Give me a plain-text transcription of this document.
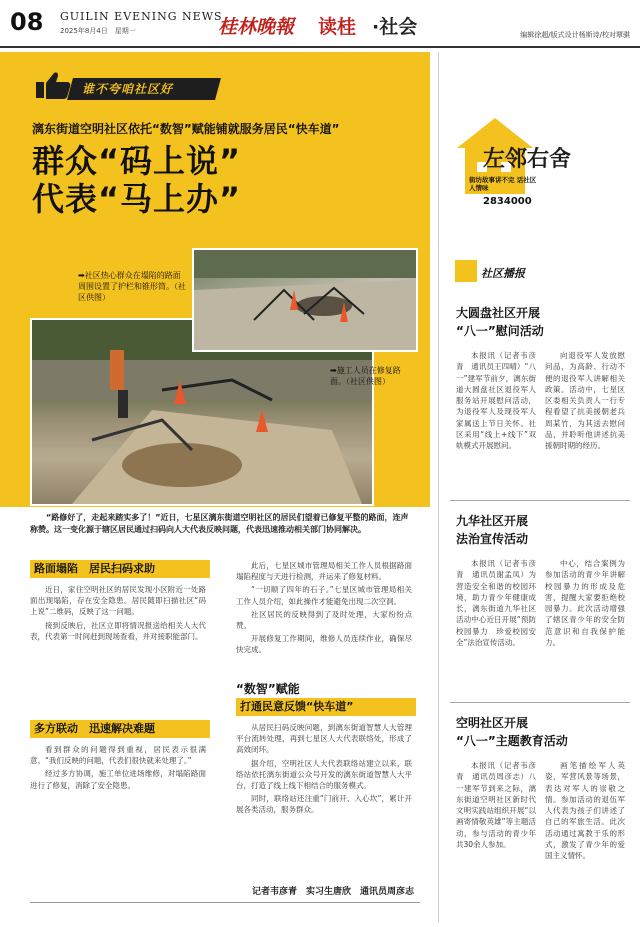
08 GUILIN EVENING NEWS
2025年8月4日　星期一	桂林晚報 读桂 ·社会	编辑徐超/版式设计杨斯诗/校对覃骐
谁不夸咱社区好
漓东街道空明社区依托“数智”赋能铺就服务居民“快车道”
群众“码上说”
代表“马上办”
➡社区热心群众在塌陷的路面周围设置了护栏和锥形筒。（社区供图）
➡施工人员在修复路面。（社区供图）
“路修好了，走起来踏实多了！”近日，七星区漓东街道空明社区的居民们望着已修复平整的路面，连声称赞。这一变化源于辖区居民通过扫码向人大代表反映问题，代表迅速推动相关部门协同解决。
路面塌陷　居民扫码求助

近日，家住空明社区的居民发现小区附近一处路面出现塌陷，存在安全隐患。居民随即扫描社区“码上说”二维码，反映了这一问题。

接到反映后，社区立即将情况报送给相关人大代表，代表第一时间赶到现场查看，并对接职能部门。

多方联动　迅速解决难题

看到群众的问题得到重视，居民表示很满意。“我们反映的问题，代表们很快就来处理了。”

经过多方协调，施工单位进场维修，对塌陷路面进行了修复，消除了安全隐患。

此后，七星区城市管理局相关工作人员根据路面塌陷程度与天进行检测，并运来了修复材料。

“一切顺了四年的石子。”七星区城市管理局相关工作人员介绍，如此操作才能避免出现二次空洞。

社区居民的反映得到了及时处理，大家纷纷点赞。

开展修复工作期间，维修人员连续作业，确保尽快完成。

“数智”赋能
打通民意反馈“快车道”

从居民扫码反映问题，到漓东街道智慧人大管理平台流转处理，再到七星区人大代表联络处，形成了高效闭环。

据介绍，空明社区人大代表联络站建立以来，联络站依托漓东街道公众号开发的漓东街道智慧人大平台，打造了线上线下相结合的服务模式。

同时，联络站还注重“门前开、入心坎”，累计开展各类活动，服务群众。

记者韦彦青　实习生唐欣　通讯员周彦志
左邻右舍
街坊故事讲不完 话社区人情味
2834000
社区播报
大圆盘社区开展
“八一”慰问活动

本报讯（记者韦彦青　通讯员王四晴）“八一”建军节前夕，漓东街道大圆盘社区退役军人服务站开展慰问活动，为退役军人及现役军人家属送上节日关怀。社区采用“线上+线下”双轨模式开展慰问。

向退役军人发放慰问品，为高龄、行动不便的退役军人讲解相关政策。活动中，七星区区委相关负责人一行专程看望了抗美援朝老兵周某竹，为其送去慰问品，并聆听他讲述抗美援朝时期的经历。

九华社区开展
法治宣传活动

本报讯（记者韦彦青　通讯员谢孟凤）为营造安全和谐的校园环境，助力青少年健康成长，漓东街道九华社区活动中心近日开展“预防校园暴力　珍爱校园安全”法治宣传活动。

中心，结合案例为参加活动的青少年讲解校园暴力的形成及危害，提醒大家要拒绝校园暴力。此次活动增强了辖区青少年的安全防范意识和自我保护能力。

空明社区开展
“八一”主题教育活动

本报讯（记者韦彦青　通讯员周彦志）八一建军节到来之际，漓东街道空明社区新时代文明实践站组织开展“以画寄情敬英雄”等主题活动，参与活动的青少年共30余人参加。

画笔描绘军人英姿，军营风景等场景，表达对军人的崇敬之情。参加活动的退伍军人代表为孩子们讲述了自己的军旅生活。此次活动通过寓教于乐的形式，激发了青少年的爱国主义情怀。
